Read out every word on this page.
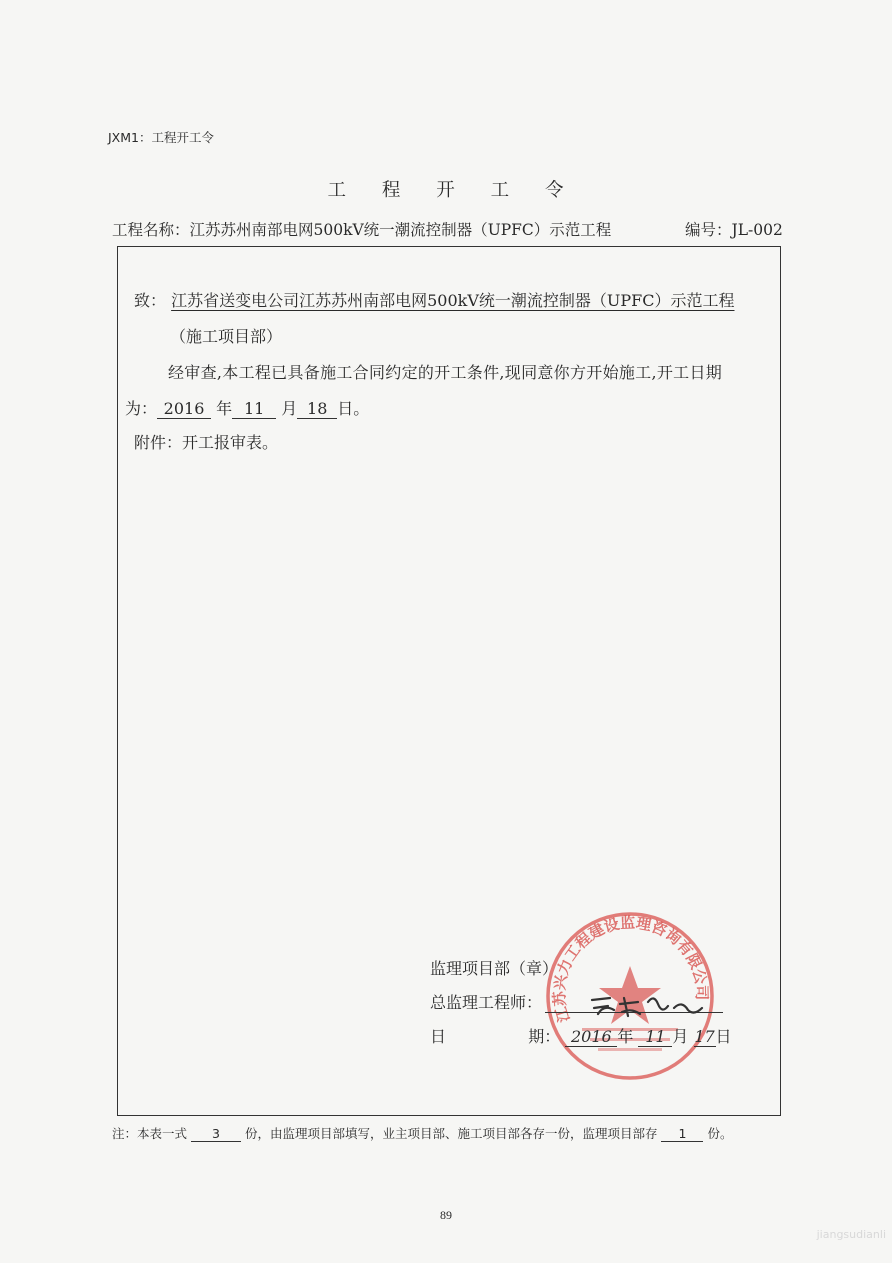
JXM1：工程开工令
工 程 开 工 令
工程名称：江苏苏州南部电网500kV统一潮流控制器（UPFC）示范工程	编号：JL-002
致： 江苏省送变电公司江苏苏州南部电网500kV统一潮流控制器（UPFC）示范工程
（施工项目部）
经审查,本工程已具备施工合同约定的开工条件,现同意你方开始施工,开工日期
为： 2016 年 11 月 18 日。
附件：开工报审表。
江苏兴力工程建设监理咨询有限公司
监理项目部（章）
总监理工程师：
日	期： 2016 年 11 月 17日
注：本表一式 3 份，由监理项目部填写，业主项目部、施工项目部各存一份，监理项目部存 1 份。
89
jiangsudianli
